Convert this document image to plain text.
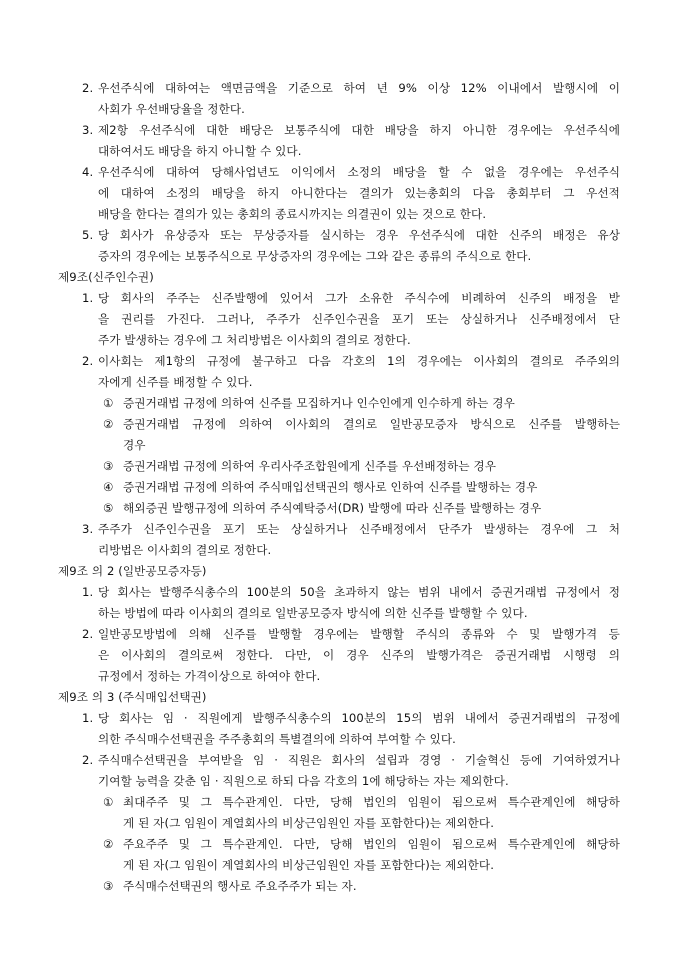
2. 우선주식에 대하여는 액면금액을 기준으로 하여 년 9% 이상 12% 이내에서 발행시에 이
사회가 우선배당율을 정한다.
3. 제2항 우선주식에 대한 배당은 보통주식에 대한 배당을 하지 아니한 경우에는 우선주식에
대하여서도 배당을 하지 아니할 수 있다.
4. 우선주식에 대하여 당해사업년도 이익에서 소정의 배당을 할 수 없을 경우에는 우선주식
에 대하여 소정의 배당을 하지 아니한다는 결의가 있는총회의 다음 총회부터 그 우선적
배당을 한다는 결의가 있는 총회의 종료시까지는 의결권이 있는 것으로 한다.
5. 당 회사가 유상증자 또는 무상증자를 실시하는 경우 우선주식에 대한 신주의 배정은 유상
증자의 경우에는 보통주식으로 무상증자의 경우에는 그와 같은 종류의 주식으로 한다.
제9조(신주인수권)
1. 당 회사의 주주는 신주발행에 있어서 그가 소유한 주식수에 비례하여 신주의 배정을 받
을 권리를 가진다. 그러나, 주주가 신주인수권을 포기 또는 상실하거나 신주배정에서 단
주가 발생하는 경우에 그 처리방법은 이사회의 결의로 정한다.
2. 이사회는 제1항의 규정에 불구하고 다음 각호의 1의 경우에는 이사회의 결의로 주주외의
자에게 신주를 배정할 수 있다.
① 증권거래법 규정에 의하여 신주를 모집하거나 인수인에게 인수하게 하는 경우
② 증권거래법 규정에 의하여 이사회의 결의로 일반공모증자 방식으로 신주를 발행하는
경우
③ 증권거래법 규정에 의하여 우리사주조합원에게 신주를 우선배정하는 경우
④ 증권거래법 규정에 의하여 주식매입선택권의 행사로 인하여 신주를 발행하는 경우
⑤ 해외증권 발행규정에 의하여 주식예탁증서(DR) 발행에 따라 신주를 발행하는 경우
3. 주주가 신주인수권을 포기 또는 상실하거나 신주배정에서 단주가 발생하는 경우에 그 처
리방법은 이사회의 결의로 정한다.
제9조 의 2 (일반공모증자등)
1. 당 회사는 발행주식총수의 100분의 50을 초과하지 않는 범위 내에서 증권거래법 규정에서 정
하는 방법에 따라 이사회의 결의로 일반공모증자 방식에 의한 신주를 발행할 수 있다.
2. 일반공모방법에 의해 신주를 발행할 경우에는 발행할 주식의 종류와 수 및 발행가격 등
은 이사회의 결의로써 정한다. 다만, 이 경우 신주의 발행가격은 증권거래법 시행령 의
규정에서 정하는 가격이상으로 하여야 한다.
제9조 의 3 (주식매입선택권)
1. 당 회사는 임 · 직원에게 발행주식총수의 100분의 15의 범위 내에서 증권거래법의 규정에
의한 주식매수선택권을 주주총회의 특별결의에 의하여 부여할 수 있다.
2. 주식매수선택권을 부여받을 임 · 직원은 회사의 설립과 경영 · 기술혁신 등에 기여하였거나
기여할 능력을 갖춘 임 · 직원으로 하되 다음 각호의 1에 해당하는 자는 제외한다.
① 최대주주 및 그 특수관계인. 다만, 당해 법인의 임원이 됨으로써 특수관계인에 해당하
게 된 자(그 임원이 계열회사의 비상근임원인 자를 포함한다)는 제외한다.
② 주요주주 및 그 특수관계인. 다만, 당해 법인의 임원이 됨으로써 특수관계인에 해당하
게 된 자(그 임원이 계열회사의 비상근임원인 자를 포함한다)는 제외한다.
③ 주식매수선택권의 행사로 주요주주가 되는 자.
